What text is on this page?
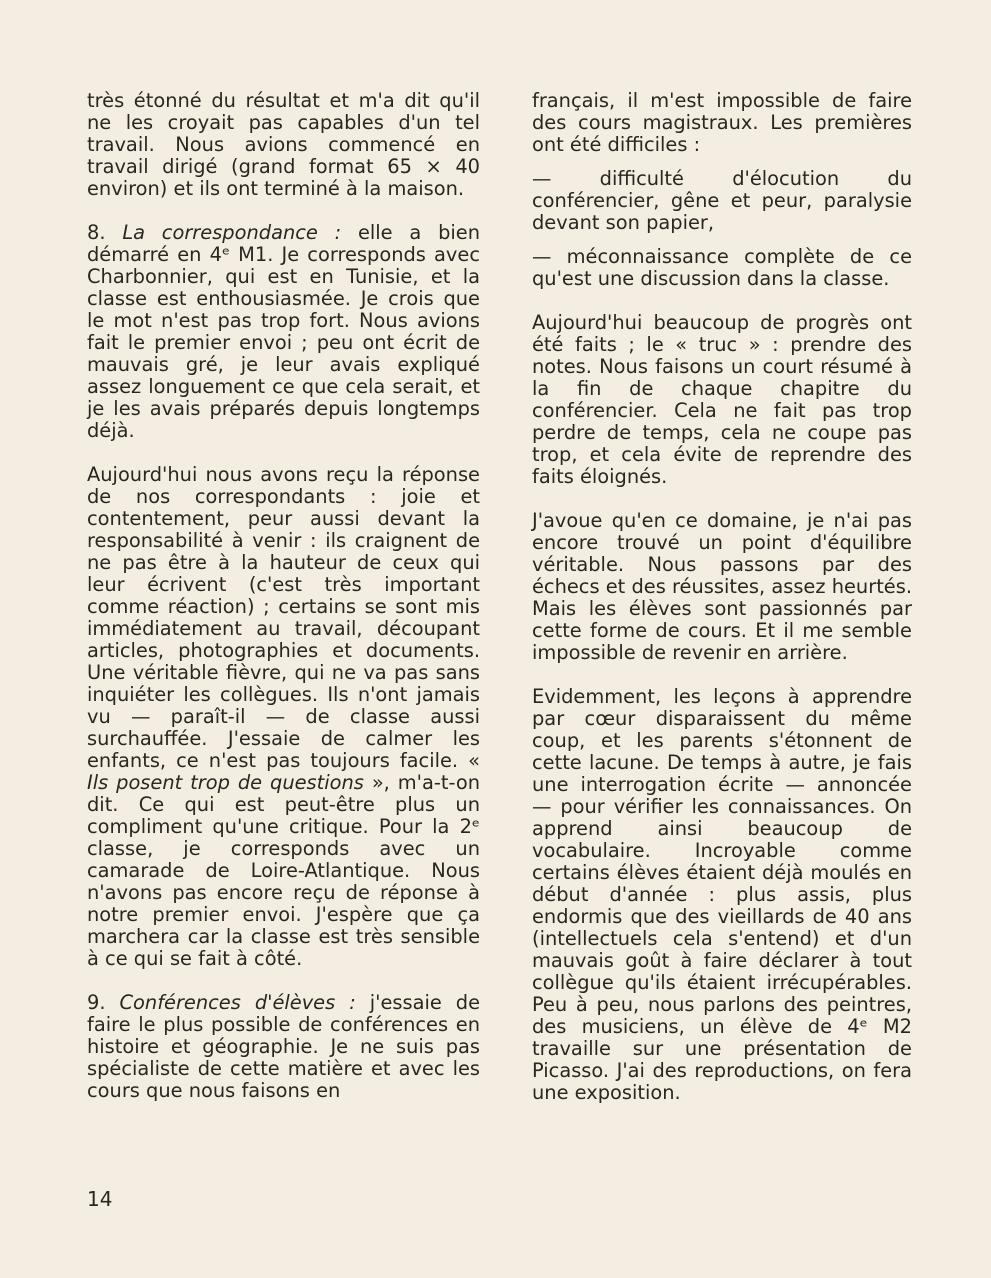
très étonné du résultat et m'a dit qu'il ne les croyait pas capables d'un tel travail. Nous avions commencé en travail dirigé (grand format 65 × 40 environ) et ils ont terminé à la maison.

8. La correspondance : elle a bien démarré en 4ᵉ M1. Je corresponds avec Charbonnier, qui est en Tunisie, et la classe est enthousiasmée. Je crois que le mot n'est pas trop fort. Nous avions fait le premier envoi ; peu ont écrit de mauvais gré, je leur avais expliqué assez longuement ce que cela serait, et je les avais préparés depuis longtemps déjà.

Aujourd'hui nous avons reçu la réponse de nos correspondants : joie et contentement, peur aussi devant la responsabilité à venir : ils craignent de ne pas être à la hauteur de ceux qui leur écrivent (c'est très important comme réaction) ; certains se sont mis immédiatement au travail, découpant articles, photographies et documents. Une véritable fièvre, qui ne va pas sans inquiéter les collègues. Ils n'ont jamais vu — paraît-il — de classe aussi surchauffée. J'essaie de calmer les enfants, ce n'est pas toujours facile. « Ils posent trop de questions », m'a-t-on dit. Ce qui est peut-être plus un compliment qu'une critique. Pour la 2ᵉ classe, je corresponds avec un camarade de Loire-Atlantique. Nous n'avons pas encore reçu de réponse à notre premier envoi. J'espère que ça marchera car la classe est très sensible à ce qui se fait à côté.

9. Conférences d'élèves : j'essaie de faire le plus possible de conférences en histoire et géographie. Je ne suis pas spécialiste de cette matière et avec les cours que nous faisons en

français, il m'est impossible de faire des cours magistraux. Les premières ont été difficiles :

— difficulté d'élocution du conférencier, gêne et peur, paralysie devant son papier,

— méconnaissance complète de ce qu'est une discussion dans la classe.

Aujourd'hui beaucoup de progrès ont été faits ; le « truc » : prendre des notes. Nous faisons un court résumé à la fin de chaque chapitre du conférencier. Cela ne fait pas trop perdre de temps, cela ne coupe pas trop, et cela évite de reprendre des faits éloignés.

J'avoue qu'en ce domaine, je n'ai pas encore trouvé un point d'équilibre véritable. Nous passons par des échecs et des réussites, assez heurtés. Mais les élèves sont passionnés par cette forme de cours. Et il me semble impossible de revenir en arrière.

Evidemment, les leçons à apprendre par cœur disparaissent du même coup, et les parents s'étonnent de cette lacune. De temps à autre, je fais une interrogation écrite — annoncée — pour vérifier les connaissances. On apprend ainsi beaucoup de vocabulaire. Incroyable comme certains élèves étaient déjà moulés en début d'année : plus assis, plus endormis que des vieillards de 40 ans (intellectuels cela s'entend) et d'un mauvais goût à faire déclarer à tout collègue qu'ils étaient irrécupérables. Peu à peu, nous parlons des peintres, des musiciens, un élève de 4ᵉ M2 travaille sur une présentation de Picasso. J'ai des reproductions, on fera une exposition.

14
